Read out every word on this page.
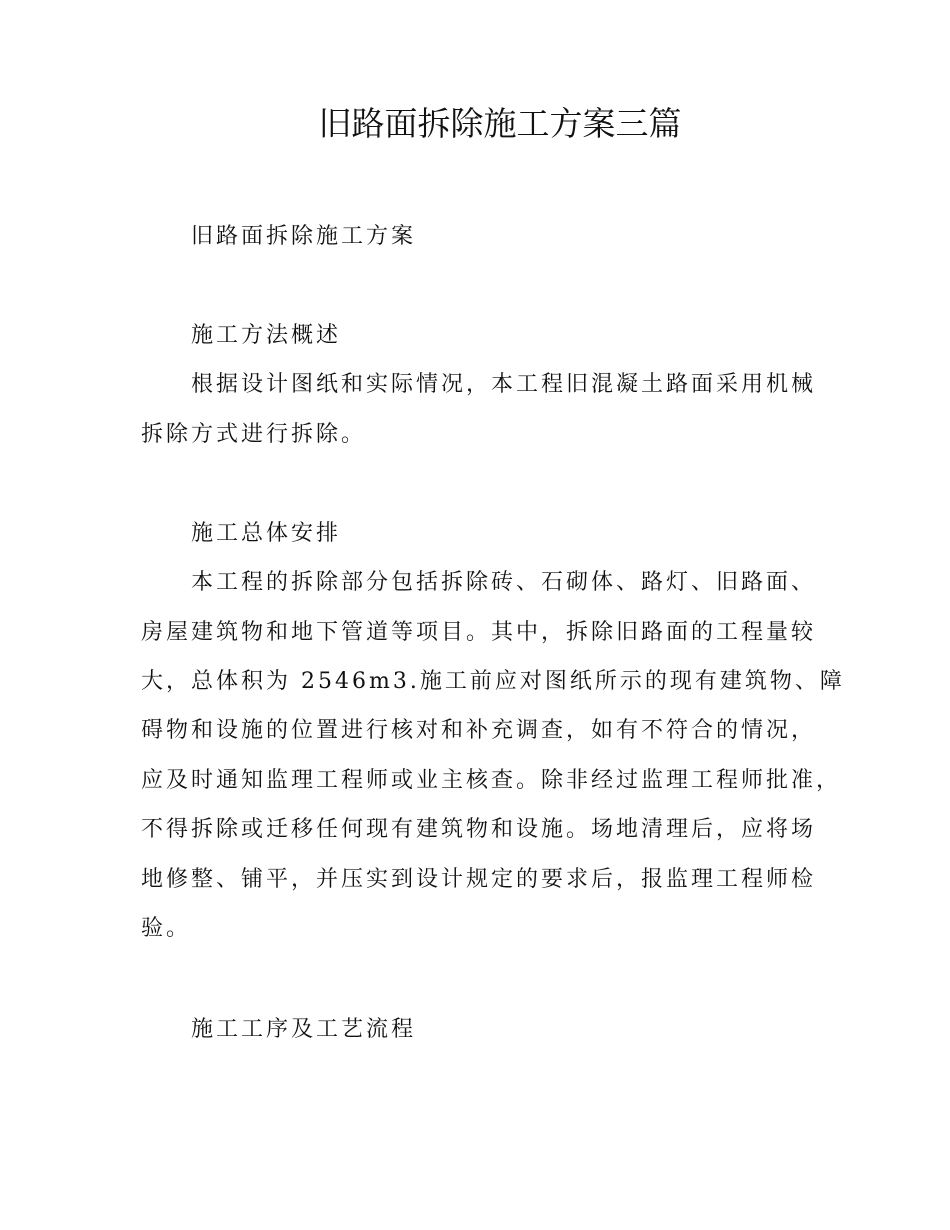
旧路面拆除施工方案三篇

旧路面拆除施工方案

施工方法概述

根据设计图纸和实际情况，本工程旧混凝土路面采用机械

拆除方式进行拆除。

施工总体安排

本工程的拆除部分包括拆除砖、石砌体、路灯、旧路面、

房屋建筑物和地下管道等项目。其中，拆除旧路面的工程量较

大，总体积为 2546m3.施工前应对图纸所示的现有建筑物、障

碍物和设施的位置进行核对和补充调查，如有不符合的情况，

应及时通知监理工程师或业主核查。除非经过监理工程师批准，

不得拆除或迁移任何现有建筑物和设施。场地清理后，应将场

地修整、铺平，并压实到设计规定的要求后，报监理工程师检

验。

施工工序及工艺流程
